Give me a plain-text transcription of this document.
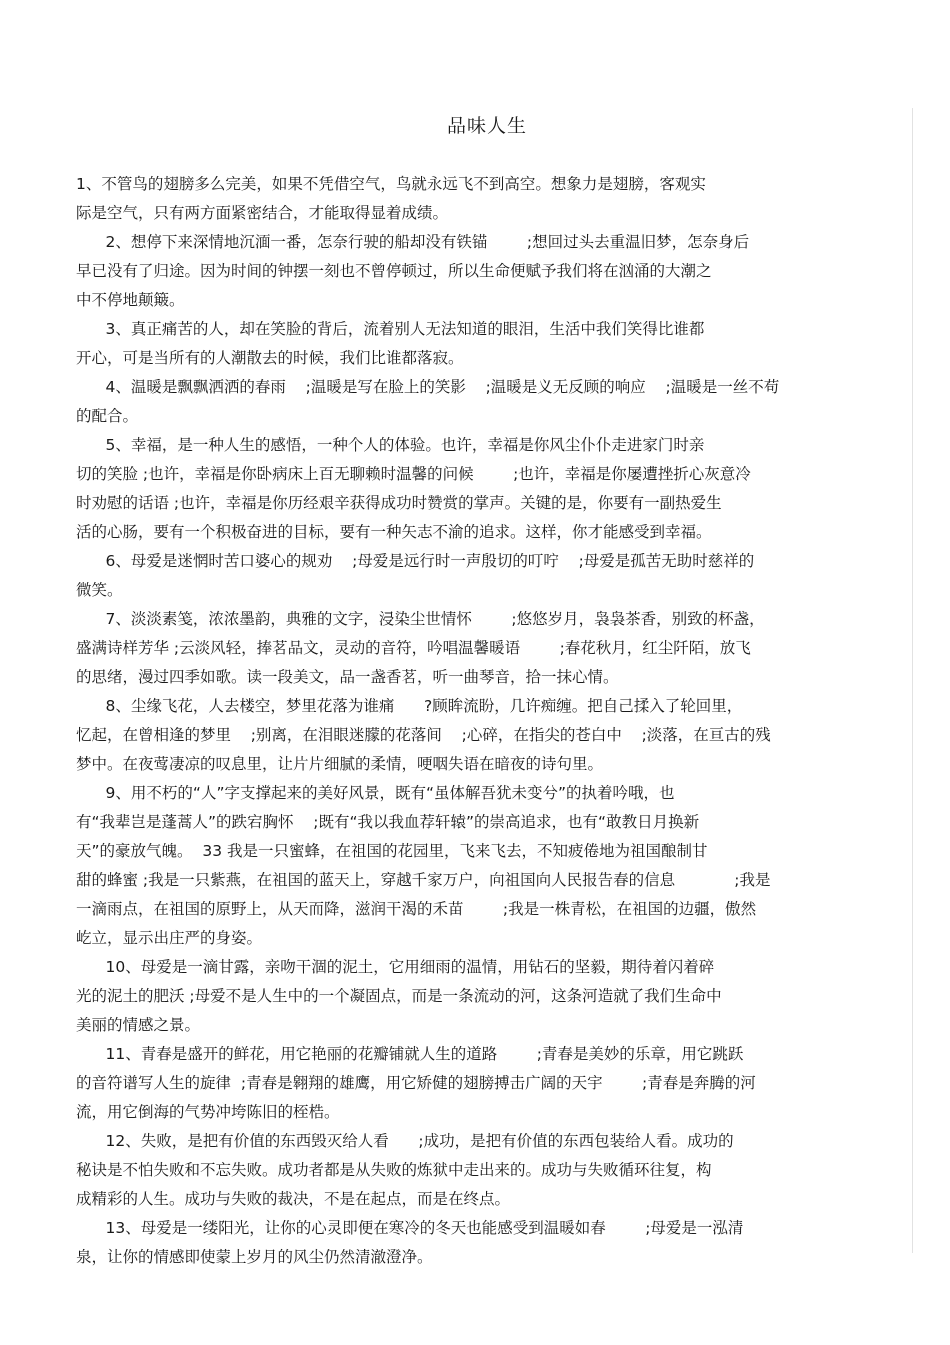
品味人生
1、不管鸟的翅膀多么完美，如果不凭借空气，鸟就永远飞不到高空。想象力是翅膀，客观实
际是空气，只有两方面紧密结合，才能取得显着成绩。
2、想停下来深情地沉湎一番，怎奈行驶的船却没有铁锚        ;想回过头去重温旧梦，怎奈身后
早已没有了归途。因为时间的钟摆一刻也不曾停顿过，所以生命便赋予我们将在汹涌的大潮之
中不停地颠簸。
3、真正痛苦的人，却在笑脸的背后，流着别人无法知道的眼泪，生活中我们笑得比谁都
开心，可是当所有的人潮散去的时候，我们比谁都落寂。
4、温暖是飘飘洒洒的春雨    ;温暖是写在脸上的笑影    ;温暖是义无反顾的响应    ;温暖是一丝不苟
的配合。
5、幸福，是一种人生的感悟，一种个人的体验。也许，幸福是你风尘仆仆走进家门时亲
切的笑脸 ;也许，幸福是你卧病床上百无聊赖时温馨的问候        ;也许，幸福是你屡遭挫折心灰意冷
时劝慰的话语 ;也许，幸福是你历经艰辛获得成功时赞赏的掌声。关键的是，你要有一副热爱生
活的心肠，要有一个积极奋进的目标，要有一种矢志不渝的追求。这样，你才能感受到幸福。
6、母爱是迷惘时苦口婆心的规劝    ;母爱是远行时一声殷切的叮咛    ;母爱是孤苦无助时慈祥的
微笑。
7、淡淡素笺，浓浓墨韵，典雅的文字，浸染尘世情怀        ;悠悠岁月，袅袅茶香，别致的杯盏，
盛满诗样芳华 ;云淡风轻，捧茗品文，灵动的音符，吟唱温馨暖语        ;春花秋月，红尘阡陌，放飞
的思绪，漫过四季如歌。读一段美文，品一盏香茗，听一曲琴音，拾一抹心情。
8、尘缘飞花，人去楼空，梦里花落为谁痛      ?顾眸流盼，几许痴缠。把自己揉入了轮回里，
忆起，在曾相逢的梦里    ;别离，在泪眼迷朦的花落间    ;心碎，在指尖的苍白中    ;淡落，在亘古的残
梦中。在夜莺凄凉的叹息里，让片片细腻的柔情，哽咽失语在暗夜的诗句里。
9、用不朽的“人”字支撑起来的美好风景，既有“虽体解吾犹未变兮”的执着吟哦，也
有“我辈岂是蓬蒿人”的跌宕胸怀    ;既有“我以我血荐轩辕”的崇高追求，也有“敢教日月换新
天”的豪放气魄。  33 我是一只蜜蜂，在祖国的花园里，飞来飞去，不知疲倦地为祖国酿制甘
甜的蜂蜜 ;我是一只紫燕，在祖国的蓝天上，穿越千家万户，向祖国向人民报告春的信息            ;我是
一滴雨点，在祖国的原野上，从天而降，滋润干渴的禾苗        ;我是一株青松，在祖国的边疆，傲然
屹立，显示出庄严的身姿。
10、母爱是一滴甘露，亲吻干涸的泥土，它用细雨的温情，用钻石的坚毅，期待着闪着碎
光的泥土的肥沃 ;母爱不是人生中的一个凝固点，而是一条流动的河，这条河造就了我们生命中
美丽的情感之景。
11、青春是盛开的鲜花，用它艳丽的花瓣铺就人生的道路        ;青春是美妙的乐章，用它跳跃
的音符谱写人生的旋律  ;青春是翱翔的雄鹰，用它矫健的翅膀搏击广阔的天宇        ;青春是奔腾的河
流，用它倒海的气势冲垮陈旧的桎梏。
12、失败，是把有价值的东西毁灭给人看      ;成功，是把有价值的东西包装给人看。成功的
秘诀是不怕失败和不忘失败。成功者都是从失败的炼狱中走出来的。成功与失败循环往复，构
成精彩的人生。成功与失败的裁决，不是在起点，而是在终点。
13、母爱是一缕阳光，让你的心灵即便在寒冷的冬天也能感受到温暖如春        ;母爱是一泓清
泉，让你的情感即使蒙上岁月的风尘仍然清澈澄净。
